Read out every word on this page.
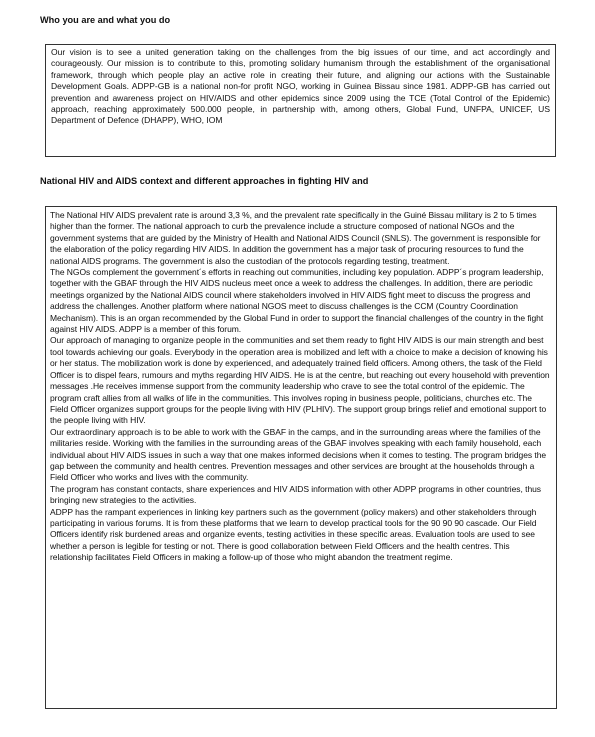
Who you are and what you do

Our vision is to see a united generation taking on the challenges from the big issues of our time, and act accordingly and courageously. Our mission is to contribute to this, promoting solidary humanism through the establishment of the organisational framework, through which people play an active role in creating their future, and aligning our actions with the Sustainable Development Goals. ADPP-GB is a national non-for profit NGO, working in Guinea Bissau since 1981. ADPP-GB has carried out prevention and awareness project on HIV/AIDS and other epidemics since 2009 using the TCE (Total Control of the Epidemic) approach, reaching approximately 500.000 people, in partnership with, among others, Global Fund, UNFPA, UNICEF, US Department of Defence (DHAPP), WHO, IOM

National HIV and AIDS context and different approaches in fighting HIV and

The National HIV AIDS prevalent rate is around 3,3 %, and the prevalent rate specifically in the Guiné Bissau military is 2 to 5 times higher than the former. The national approach to curb the prevalence include a structure composed of national NGOs and the government systems that are guided by the Ministry of Health and National AIDS Council (SNLS). The government is responsible for the elaboration of the policy regarding HIV AIDS. In addition the government has a major task of procuring resources to fund the national AIDS programs. The government is also the custodian of the protocols regarding testing, treatment.

The NGOs complement the government´s efforts in reaching out communities, including key population. ADPP´s program leadership, together with the GBAF through the HIV AIDS nucleus meet once a week to address the challenges. In addition, there are periodic meetings organized by the National AIDS council where stakeholders involved in HIV AIDS fight meet to discuss the progress and address the challenges. Another platform where national NGOS meet to discuss challenges is the CCM (Country Coordination Mechanism). This is an organ recommended by the Global Fund in order to support the financial challenges of the country in the fight against HIV AIDS. ADPP is a member of this forum.

Our approach of managing to organize people in the communities and set them ready to fight HIV AIDS is our main strength and best tool towards achieving our goals. Everybody in the operation area is mobilized and left with a choice to make a decision of knowing his or her status. The mobilization work is done by experienced, and adequately trained field officers. Among others, the task of the Field Officer is to dispel fears, rumours and myths regarding HIV AIDS. He is at the centre, but reaching out every household with prevention messages .He receives immense support from the community leadership who crave to see the total control of the epidemic. The program craft allies from all walks of life in the communities. This involves roping in business people, politicians, churches etc. The Field Officer organizes support groups for the people living with HIV (PLHIV). The support group brings relief and emotional support to the people living with HIV.

Our extraordinary approach is to be able to work with the GBAF in the camps, and in the surrounding areas where the families of the militaries reside. Working with the families in the surrounding areas of the GBAF involves speaking with each family household, each individual about HIV AIDS issues in such a way that one makes informed decisions when it comes to testing. The program bridges the gap between the community and health centres. Prevention messages and other services are brought at the households through a Field Officer who works and lives with the community.

The program has constant contacts, share experiences and HIV AIDS information with other ADPP programs in other countries, thus bringing new strategies to the activities.

ADPP has the rampant experiences in linking key partners such as the government (policy makers) and other stakeholders through participating in various forums. It is from these platforms that we learn to develop practical tools for the 90 90 90 cascade. Our Field Officers identify risk burdened areas and organize events, testing activities in these specific areas. Evaluation tools are used to see whether a person is legible for testing or not. There is good collaboration between Field Officers and the health centres. This relationship facilitates Field Officers in making a follow-up of those who might abandon the treatment regime.
